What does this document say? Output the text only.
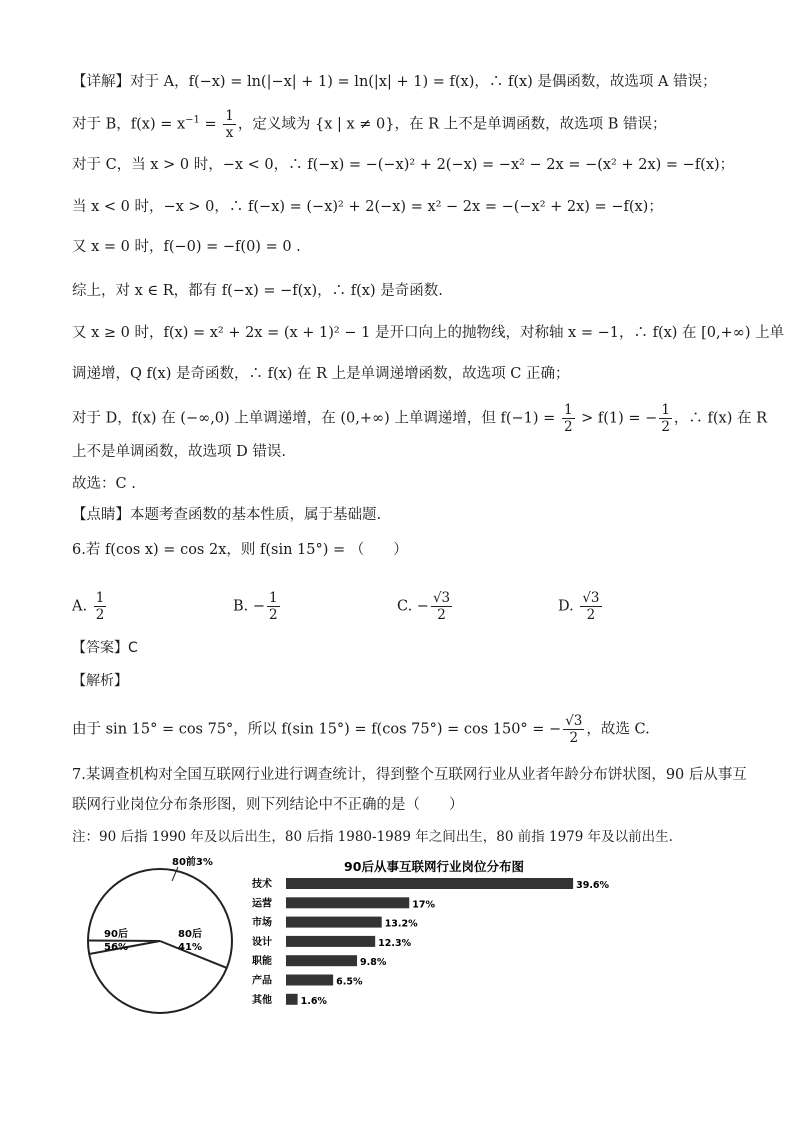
【详解】对于 A，f(−x) = ln(|−x| + 1) = ln(|x| + 1) = f(x)，∴ f(x) 是偶函数，故选项 A 错误；
对于 B，$f(x) = x^{-1} = \frac{1}{x}$ ，定义域为 {x | x ≠ 0}，在 R 上不是单调函数，故选项 B 错误；
对于 C，当 x > 0 时，−x < 0，∴ f(−x) = −(−x)² + 2(−x) = −x² − 2x = −(x² + 2x) = −f(x)；
当 x < 0 时，−x > 0，∴ f(−x) = (−x)² + 2(−x) = x² − 2x = −(−x² + 2x) = −f(x)；
又 x = 0 时，f(−0) = −f(0) = 0 .
综上，对 x ∈ R，都有 f(−x) = −f(x)，∴ f(x) 是奇函数.
又 x ≥ 0 时，f(x) = x² + 2x = (x + 1)² − 1 是开口向上的抛物线，对称轴 x = −1，∴ f(x) 在 [0,+∞) 上单
调递增，Q f(x) 是奇函数，∴ f(x) 在 R 上是单调递增函数，故选项 C 正确；
对于 D，f(x) 在 (−∞,0) 上单调递增，在 (0,+∞) 上单调递增，但 $f(-1) = \frac{1}{2} > f(1)$ = − $\frac{1}{2}$ ，∴ f(x) 在 R
上不是单调函数，故选项 D 错误.
故选：C .
【点睛】本题考查函数的基本性质，属于基础题.
6.若 f(cos x) = cos 2x，则 f(sin 15°) = （　　）
A. $\frac{1}{2}$	B. − $\frac{1}{2}$	C. − $\frac{√3}{2}$	D. $\frac{√3}{2}$
【答案】C
【解析】
由于 sin 15° = cos 75°，所以 f(sin 15°) = f(cos 75°) = cos 150° = − $\frac{√3}{2}$ ，故选 C.
7.某调查机构对全国互联网行业进行调查统计，得到整个互联网行业从业者年龄分布饼状图，90 后从事互
联网行业岗位分布条形图，则下列结论中不正确的是（　　）
注：90 后指 1990 年及以后出生，80 后指 1980-1989 年之间出生，80 前指 1979 年及以前出生.
90后
56%
80后
41%
80前3%	90后从事互联网行业岗位分布图
技术	39.6%
运营	17%
市场	13.2%
设计	12.3%
职能	9.8%
产品	6.5%
其他	1.6%
